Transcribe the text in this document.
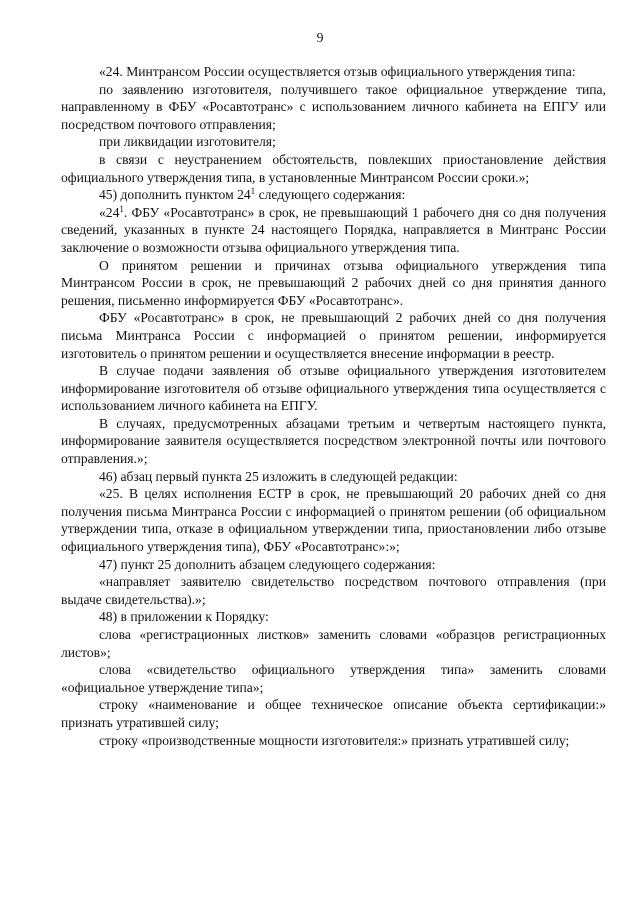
9

«24. Минтрансом России осуществляется отзыв официального утверждения типа:

по заявлению изготовителя, получившего такое официальное утверждение типа, направленному в ФБУ «Росавтотранс» с использованием личного кабинета на ЕПГУ или посредством почтового отправления;

при ликвидации изготовителя;

в связи с неустранением обстоятельств, повлекших приостановление действия официального утверждения типа, в установленные Минтрансом России сроки.»;

45) дополнить пунктом $24^1$ следующего содержания:

«$24^1$. ФБУ «Росавтотранс» в срок, не превышающий 1 рабочего дня со дня получения сведений, указанных в пункте 24 настоящего Порядка, направляется в Минтранс России заключение о возможности отзыва официального утверждения типа.

О принятом решении и причинах отзыва официального утверждения типа Минтрансом России в срок, не превышающий 2 рабочих дней со дня принятия данного решения, письменно информируется ФБУ «Росавтотранс».

ФБУ «Росавтотранс» в срок, не превышающий 2 рабочих дней со дня получения письма Минтранса России с информацией о принятом решении, информируется изготовитель о принятом решении и осуществляется внесение информации в реестр.

В случае подачи заявления об отзыве официального утверждения изготовителем информирование изготовителя об отзыве официального утверждения типа осуществляется с использованием личного кабинета на ЕПГУ.

В случаях, предусмотренных абзацами третьим и четвертым настоящего пункта, информирование заявителя осуществляется посредством электронной почты или почтового отправления.»;

46) абзац первый пункта 25 изложить в следующей редакции:

«25. В целях исполнения ЕСТР в срок, не превышающий 20 рабочих дней со дня получения письма Минтранса России с информацией о принятом решении (об официальном утверждении типа, отказе в официальном утверждении типа, приостановлении либо отзыве официального утверждения типа), ФБУ «Росавтотранс»:»;

47) пункт 25 дополнить абзацем следующего содержания:

«направляет заявителю свидетельство посредством почтового отправления (при выдаче свидетельства).»;

48) в приложении к Порядку:

слова «регистрационных листков» заменить словами «образцов регистрационных листов»;

слова «свидетельство официального утверждения типа» заменить словами «официальное утверждение типа»;

строку «наименование и общее техническое описание объекта сертификации:» признать утратившей силу;

строку «производственные мощности изготовителя:» признать утратившей силу;
